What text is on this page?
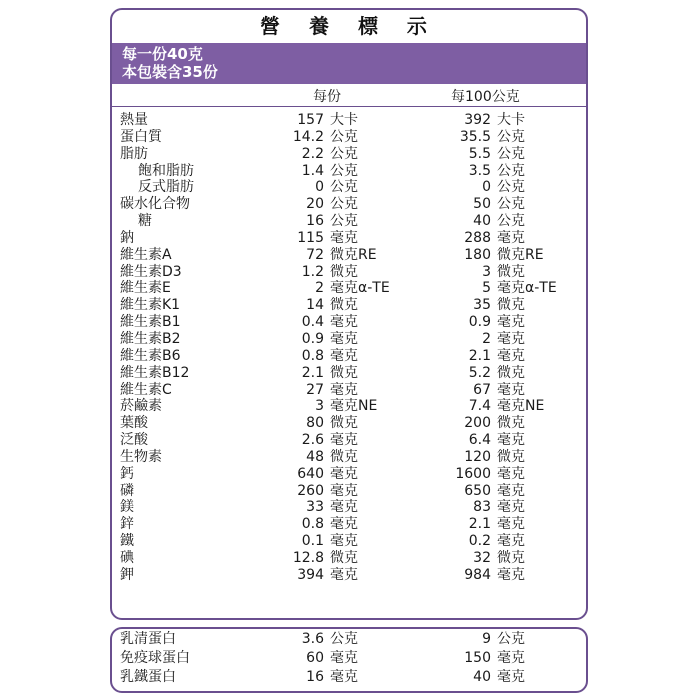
營 養 標 示
每一份40克
本包裝含35份
每份	每100公克
熱量	157 大卡	392 大卡
蛋白質	14.2 公克	35.5 公克
脂肪	2.2 公克	5.5 公克
飽和脂肪	1.4 公克	3.5 公克
反式脂肪	0 公克	0 公克
碳水化合物	20 公克	50 公克
糖	16 公克	40 公克
鈉	115 毫克	288 毫克
維生素A	72 微克RE	180 微克RE
維生素D3	1.2 微克	3 微克
維生素E	2 毫克α-TE	5 毫克α-TE
維生素K1	14 微克	35 微克
維生素B1	0.4 毫克	0.9 毫克
維生素B2	0.9 毫克	2 毫克
維生素B6	0.8 毫克	2.1 毫克
維生素B12	2.1 微克	5.2 微克
維生素C	27 毫克	67 毫克
菸鹼素	3 毫克NE	7.4 毫克NE
葉酸	80 微克	200 微克
泛酸	2.6 毫克	6.4 毫克
生物素	48 微克	120 微克
鈣	640 毫克	1600 毫克
磷	260 毫克	650 毫克
鎂	33 毫克	83 毫克
鋅	0.8 毫克	2.1 毫克
鐵	0.1 毫克	0.2 毫克
碘	12.8 微克	32 微克
鉀	394 毫克	984 毫克
乳清蛋白	3.6 公克	9 公克
免疫球蛋白	60 毫克	150 毫克
乳鐵蛋白	16 毫克	40 毫克
